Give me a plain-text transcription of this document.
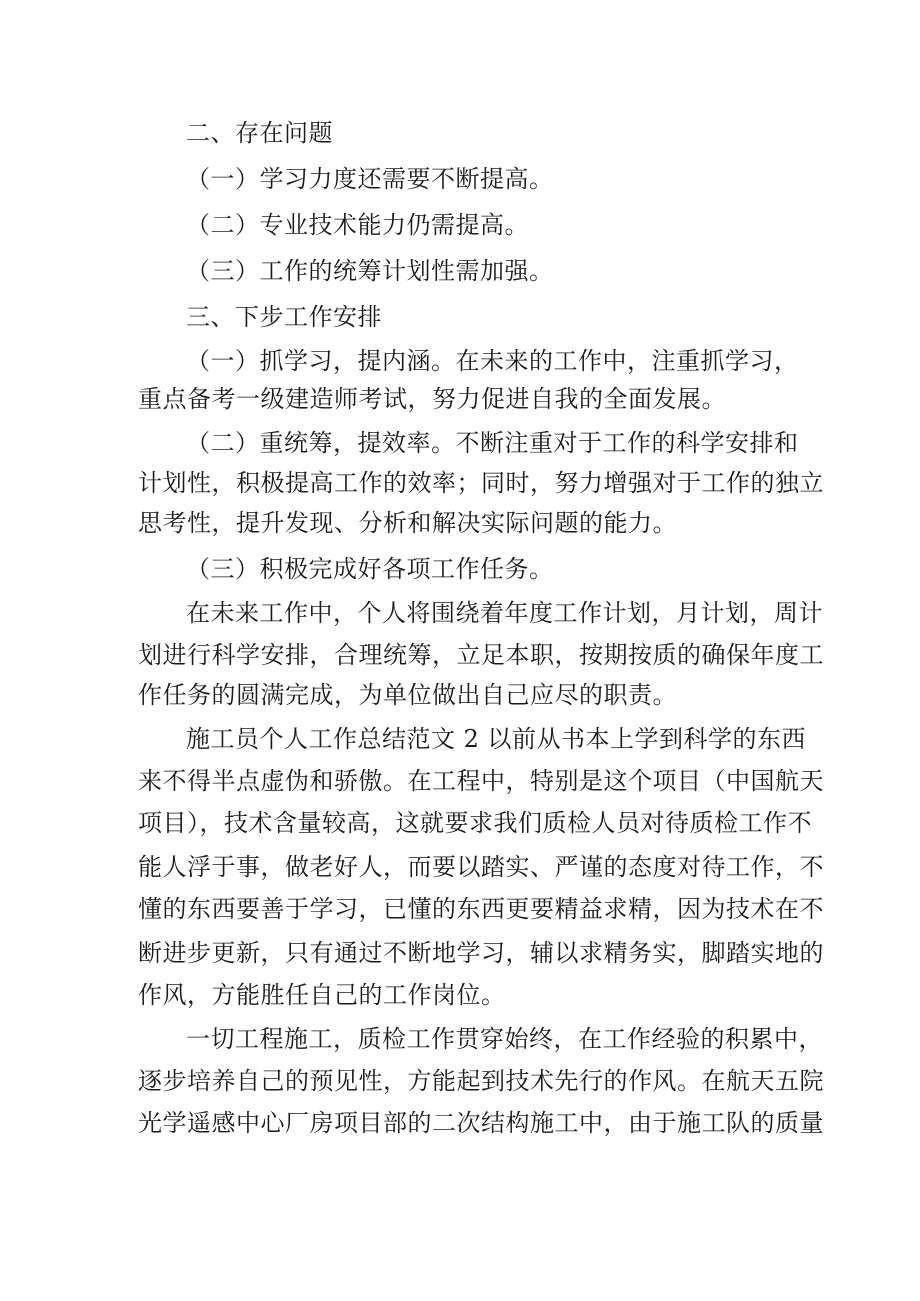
二、存在问题
（一）学习力度还需要不断提高。
（二）专业技术能力仍需提高。
（三）工作的统筹计划性需加强。
三、下步工作安排
（一）抓学习，提内涵。在未来的工作中，注重抓学习，
重点备考一级建造师考试，努力促进自我的全面发展。
（二）重统筹，提效率。不断注重对于工作的科学安排和
计划性，积极提高工作的效率；同时，努力增强对于工作的独立
思考性，提升发现、分析和解决实际问题的能力。
（三）积极完成好各项工作任务。
在未来工作中，个人将围绕着年度工作计划，月计划，周计
划进行科学安排，合理统筹，立足本职，按期按质的确保年度工
作任务的圆满完成，为单位做出自己应尽的职责。
施工员个人工作总结范文 2 以前从书本上学到科学的东西
来不得半点虚伪和骄傲。在工程中，特别是这个项目（中国航天
项目），技术含量较高，这就要求我们质检人员对待质检工作不
能人浮于事，做老好人，而要以踏实、严谨的态度对待工作，不
懂的东西要善于学习，已懂的东西更要精益求精，因为技术在不
断进步更新，只有通过不断地学习，辅以求精务实，脚踏实地的
作风，方能胜任自己的工作岗位。
一切工程施工，质检工作贯穿始终，在工作经验的积累中，
逐步培养自己的预见性，方能起到技术先行的作风。在航天五院
光学遥感中心厂房项目部的二次结构施工中，由于施工队的质量
